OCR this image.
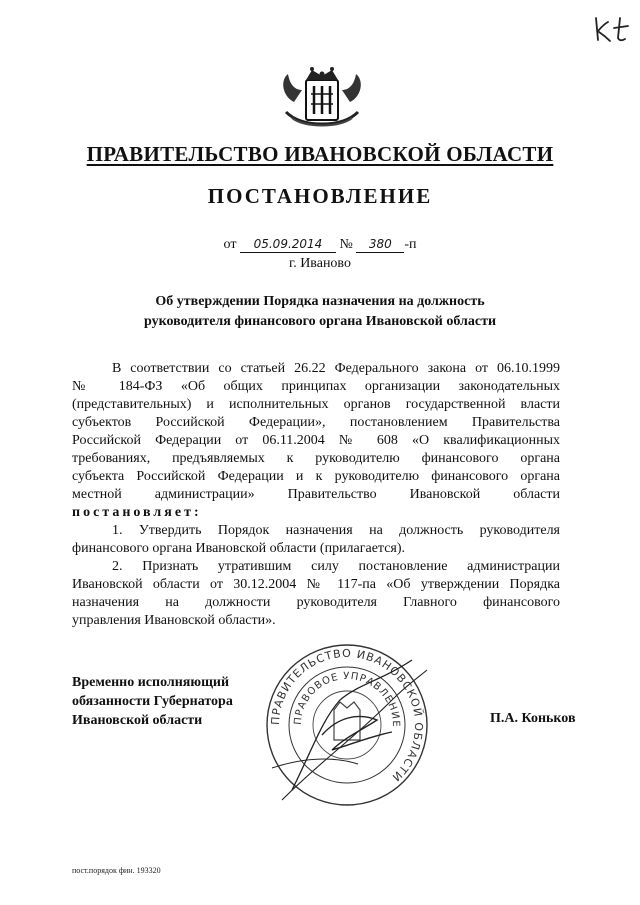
ПРАВИТЕЛЬСТВО ИВАНОВСКОЙ ОБЛАСТИ
ПОСТАНОВЛЕНИЕ
от 05.09.2014 № 380 -п
г. Иваново
Об утверждении Порядка назначения на должность
руководителя финансового органа Ивановской области

В соответствии со статьей 26.22 Федерального закона от 06.10.1999

№ 184-ФЗ «Об общих принципах организации законодательных

(представительных) и исполнительных органов государственной власти

субъектов Российской Федерации», постановлением Правительства

Российской Федерации от 06.11.2004 № 608 «О квалификационных

требованиях, предъявляемых к руководителю финансового органа

субъекта Российской Федерации и к руководителю финансового органа

местной администрации» Правительство Ивановской области

постановляет:

1. Утвердить Порядок назначения на должность руководителя

финансового органа Ивановской области (прилагается).

2. Признать утратившим силу постановление администрации

Ивановской области от 30.12.2004 № 117-па «Об утверждении Порядка

назначения на должности руководителя Главного финансового

управления Ивановской области».

Временно исполняющий
обязанности Губернатора
Ивановской области	ПРАВИТЕЛЬСТВО ИВАНОВСКОЙ ОБЛАСТИ
ПРАВОВОЕ УПРАВЛЕНИЕ	П.А. Коньков
пост.порядок фин. 193320
